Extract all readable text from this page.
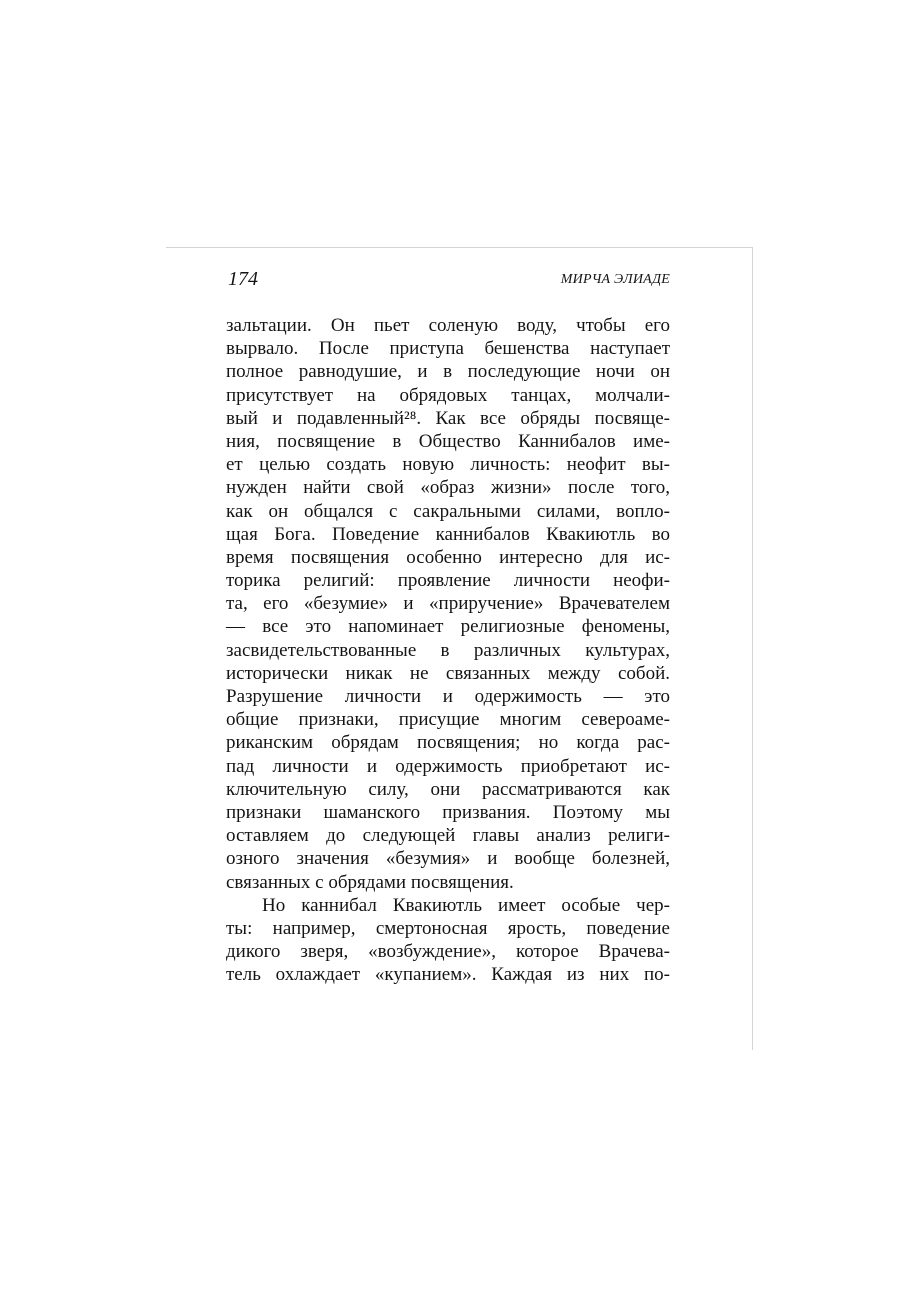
174	МИРЧА ЭЛИАДЕ
зальтации. Он пьет соленую воду, чтобы его
вырвало. После приступа бешенства наступает
полное равнодушие, и в последующие ночи он
присутствует на обрядовых танцах, молчали-
вый и подавленный²⁸. Как все обряды посвяще-
ния, посвящение в Общество Каннибалов име-
ет целью создать новую личность: неофит вы-
нужден найти свой «образ жизни» после того,
как он общался с сакральными силами, вопло-
щая Бога. Поведение каннибалов Квакиютль во
время посвящения особенно интересно для ис-
торика религий: проявление личности неофи-
та, его «безумие» и «приручение» Врачевателем
— все это напоминает религиозные феномены,
засвидетельствованные в различных культурах,
исторически никак не связанных между собой.
Разрушение личности и одержимость — это
общие признаки, присущие многим североаме-
риканским обрядам посвящения; но когда рас-
пад личности и одержимость приобретают ис-
ключительную силу, они рассматриваются как
признаки шаманского призвания. Поэтому мы
оставляем до следующей главы анализ религи-
озного значения «безумия» и вообще болезней,
связанных с обрядами посвящения.
Но каннибал Квакиютль имеет особые чер-
ты: например, смертоносная ярость, поведение
дикого зверя, «возбуждение», которое Врачева-
тель охлаждает «купанием». Каждая из них по-
